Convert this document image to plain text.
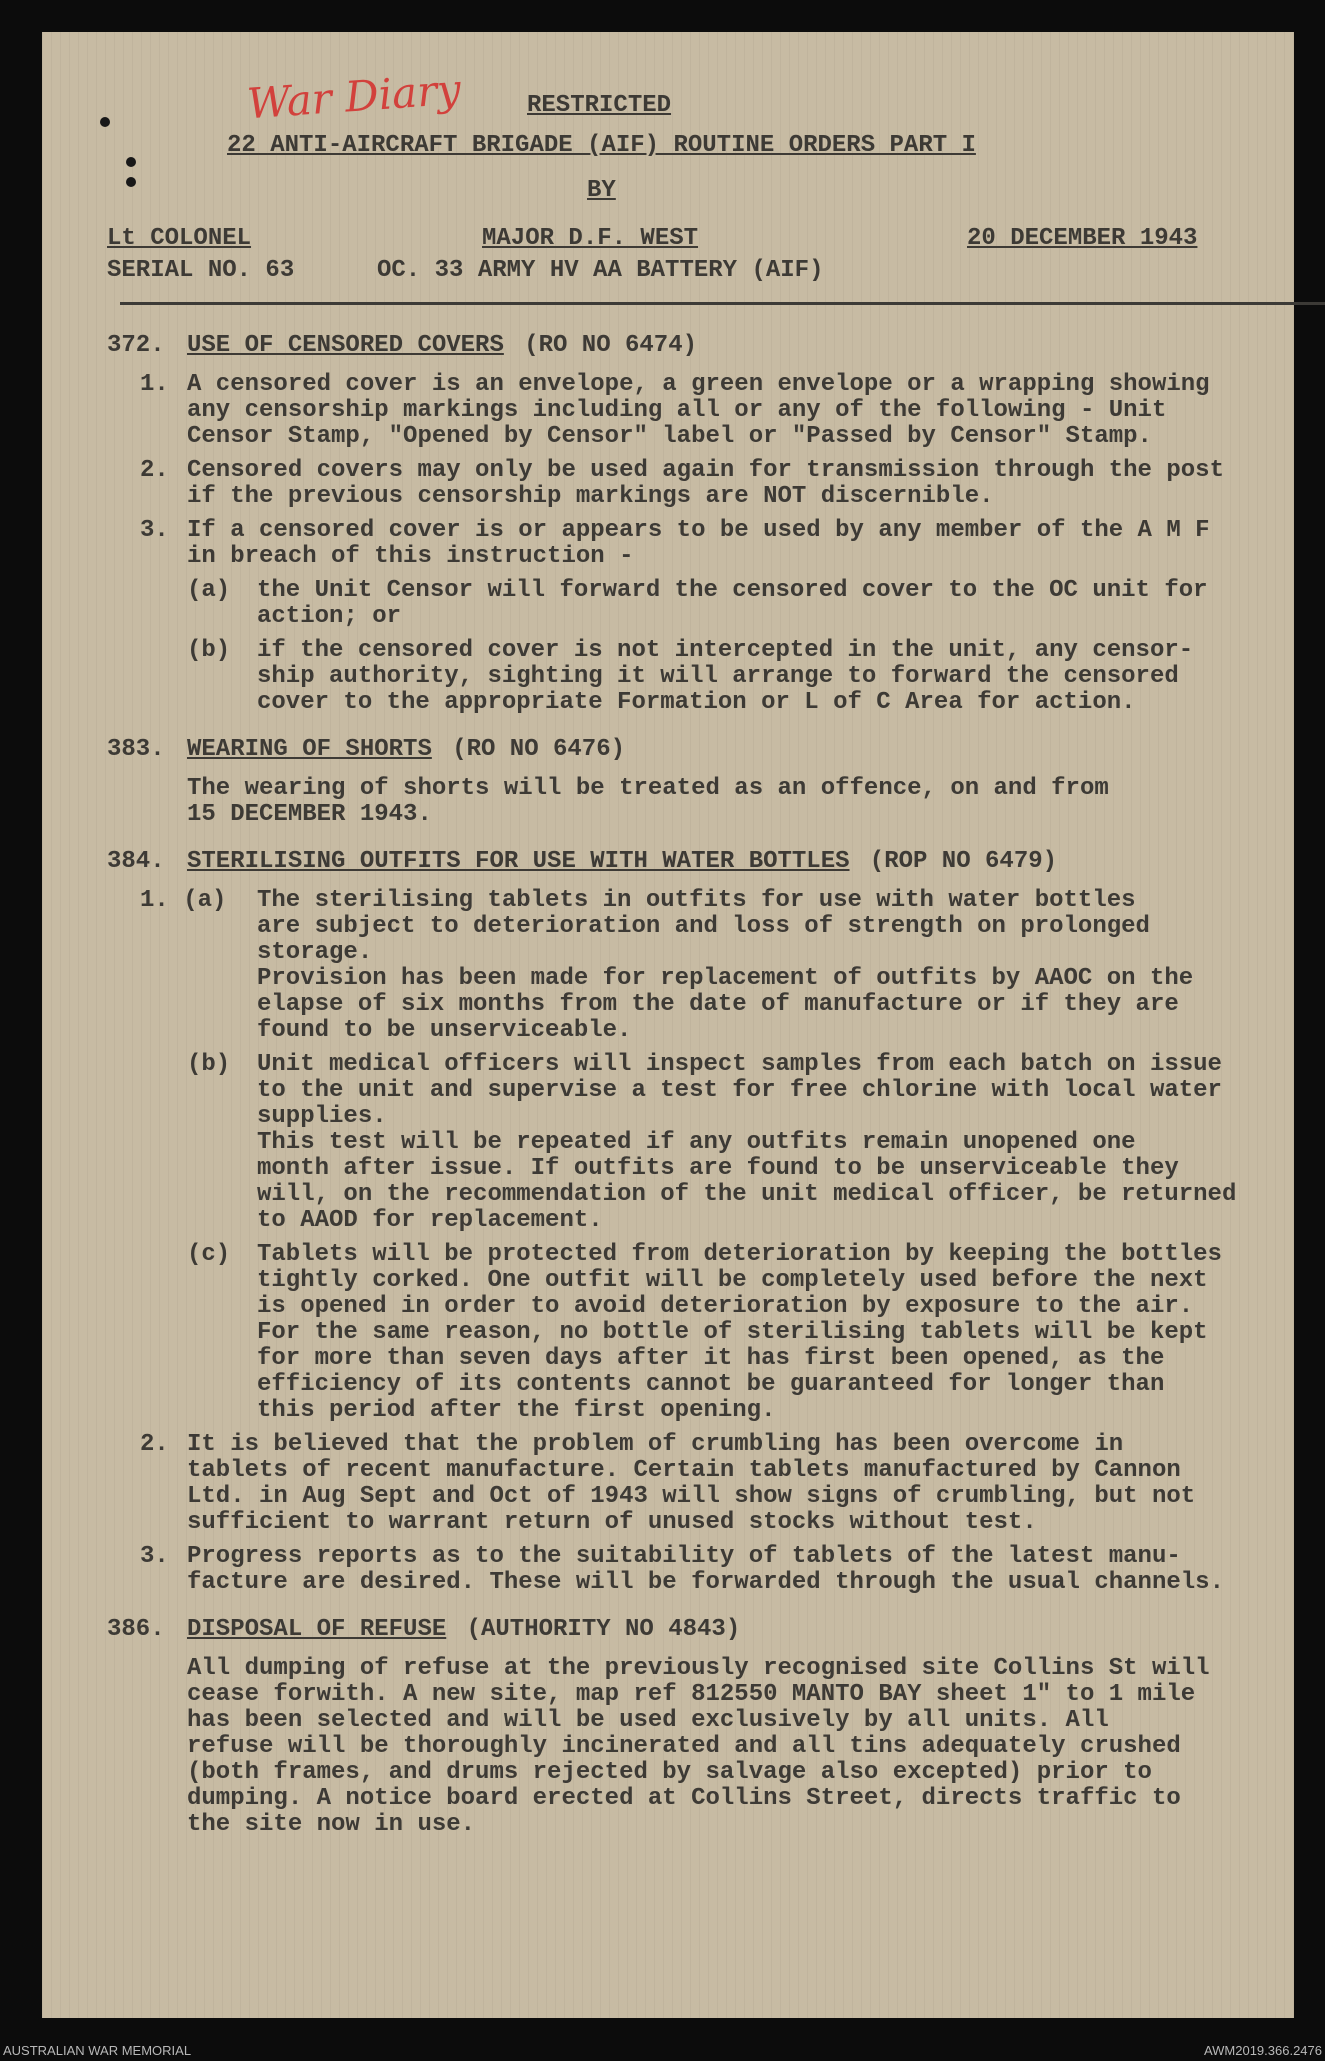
War Diary	RESTRICTED
22 ANTI-AIRCRAFT BRIGADE (AIF) ROUTINE ORDERS PART I
BY
Lt COLONEL	MAJOR D.F. WEST	20 DECEMBER 1943
SERIAL NO. 63	OC. 33 ARMY HV AA BATTERY (AIF)
372. USE OF CENSORED COVERS (RO NO 6474)
1. A censored cover is an envelope, a green envelope or a wrapping showing
any censorship markings including all or any of the following - Unit
Censor Stamp, "Opened by Censor" label or "Passed by Censor" Stamp.
2. Censored covers may only be used again for transmission through the post
if the previous censorship markings are NOT discernible.
3. If a censored cover is or appears to be used by any member of the A M F
in breach of this instruction -
(a) the Unit Censor will forward the censored cover to the OC unit for
action; or
(b) if the censored cover is not intercepted in the unit, any censor-
ship authority, sighting it will arrange to forward the censored
cover to the appropriate Formation or L of C Area for action.
383. WEARING OF SHORTS (RO NO 6476)
The wearing of shorts will be treated as an offence, on and from
15 DECEMBER 1943.
384. STERILISING OUTFITS FOR USE WITH WATER BOTTLES (ROP NO 6479)
1. (a) The sterilising tablets in outfits for use with water bottles
are subject to deterioration and loss of strength on prolonged
storage.
Provision has been made for replacement of outfits by AAOC on the
elapse of six months from the date of manufacture or if they are
found to be unserviceable.
(b) Unit medical officers will inspect samples from each batch on issue
to the unit and supervise a test for free chlorine with local water
supplies.
This test will be repeated if any outfits remain unopened one
month after issue. If outfits are found to be unserviceable they
will, on the recommendation of the unit medical officer, be returned
to AAOD for replacement.
(c) Tablets will be protected from deterioration by keeping the bottles
tightly corked. One outfit will be completely used before the next
is opened in order to avoid deterioration by exposure to the air.
For the same reason, no bottle of sterilising tablets will be kept
for more than seven days after it has first been opened, as the
efficiency of its contents cannot be guaranteed for longer than
this period after the first opening.
2. It is believed that the problem of crumbling has been overcome in
tablets of recent manufacture. Certain tablets manufactured by Cannon
Ltd. in Aug Sept and Oct of 1943 will show signs of crumbling, but not
sufficient to warrant return of unused stocks without test.
3. Progress reports as to the suitability of tablets of the latest manu-
facture are desired. These will be forwarded through the usual channels.
386. DISPOSAL OF REFUSE (AUTHORITY NO 4843)
All dumping of refuse at the previously recognised site Collins St will
cease forwith. A new site, map ref 812550 MANTO BAY sheet 1" to 1 mile
has been selected and will be used exclusively by all units. All
refuse will be thoroughly incinerated and all tins adequately crushed
(both frames, and drums rejected by salvage also excepted) prior to
dumping. A notice board erected at Collins Street, directs traffic to
the site now in use.
AUSTRALIAN WAR MEMORIAL	AWM2019.366.2476
